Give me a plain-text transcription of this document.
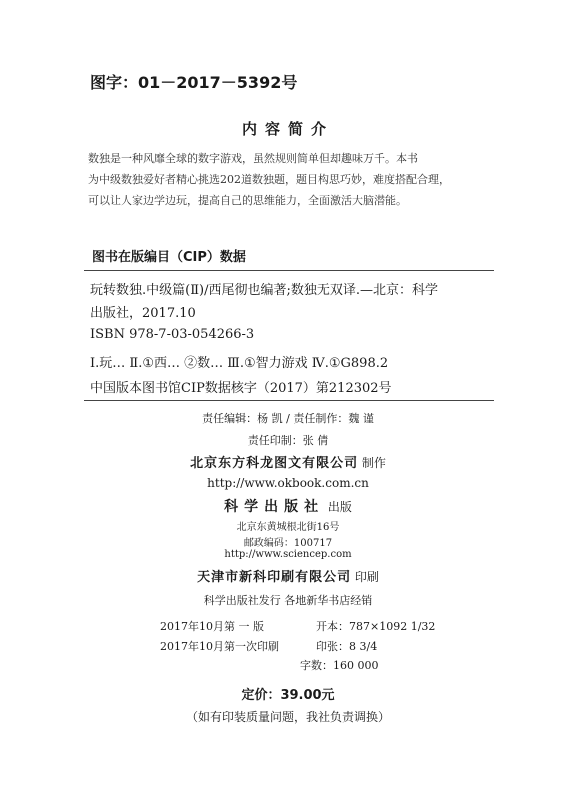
图字：01－2017－5392号
内容简介
数独是一种风靡全球的数字游戏，虽然规则简单但却趣味万千。本书
为中级数独爱好者精心挑选202道数独题，题目构思巧妙，难度搭配合理，
可以让人家边学边玩，提高自己的思维能力，全面激活大脑潜能。
图书在版编目（CIP）数据
玩转数独.中级篇(Ⅱ)/西尾彻也编著;数独无双译.—北京：科学
出版社，2017.10
ISBN 978-7-03-054266-3
Ⅰ.玩… Ⅱ.①西… ②数… Ⅲ.①智力游戏 Ⅳ.①G898.2
中国版本图书馆CIP数据核字（2017）第212302号
责任编辑：杨 凯 / 责任制作：魏 谨
责任印制：张 倩
北京东方科龙图文有限公司 制作
http://www.okbook.com.cn
科学出版社 出版
北京东黄城根北街16号
邮政编码：100717
http://www.sciencep.com
天津市新科印刷有限公司 印刷
科学出版社发行 各地新华书店经销
2017年10月第 一 版	开本：787×1092 1/32
2017年10月第一次印刷	印张：8 3/4
字数：160 000
定价：39.00元
（如有印装质量问题，我社负责调换）
